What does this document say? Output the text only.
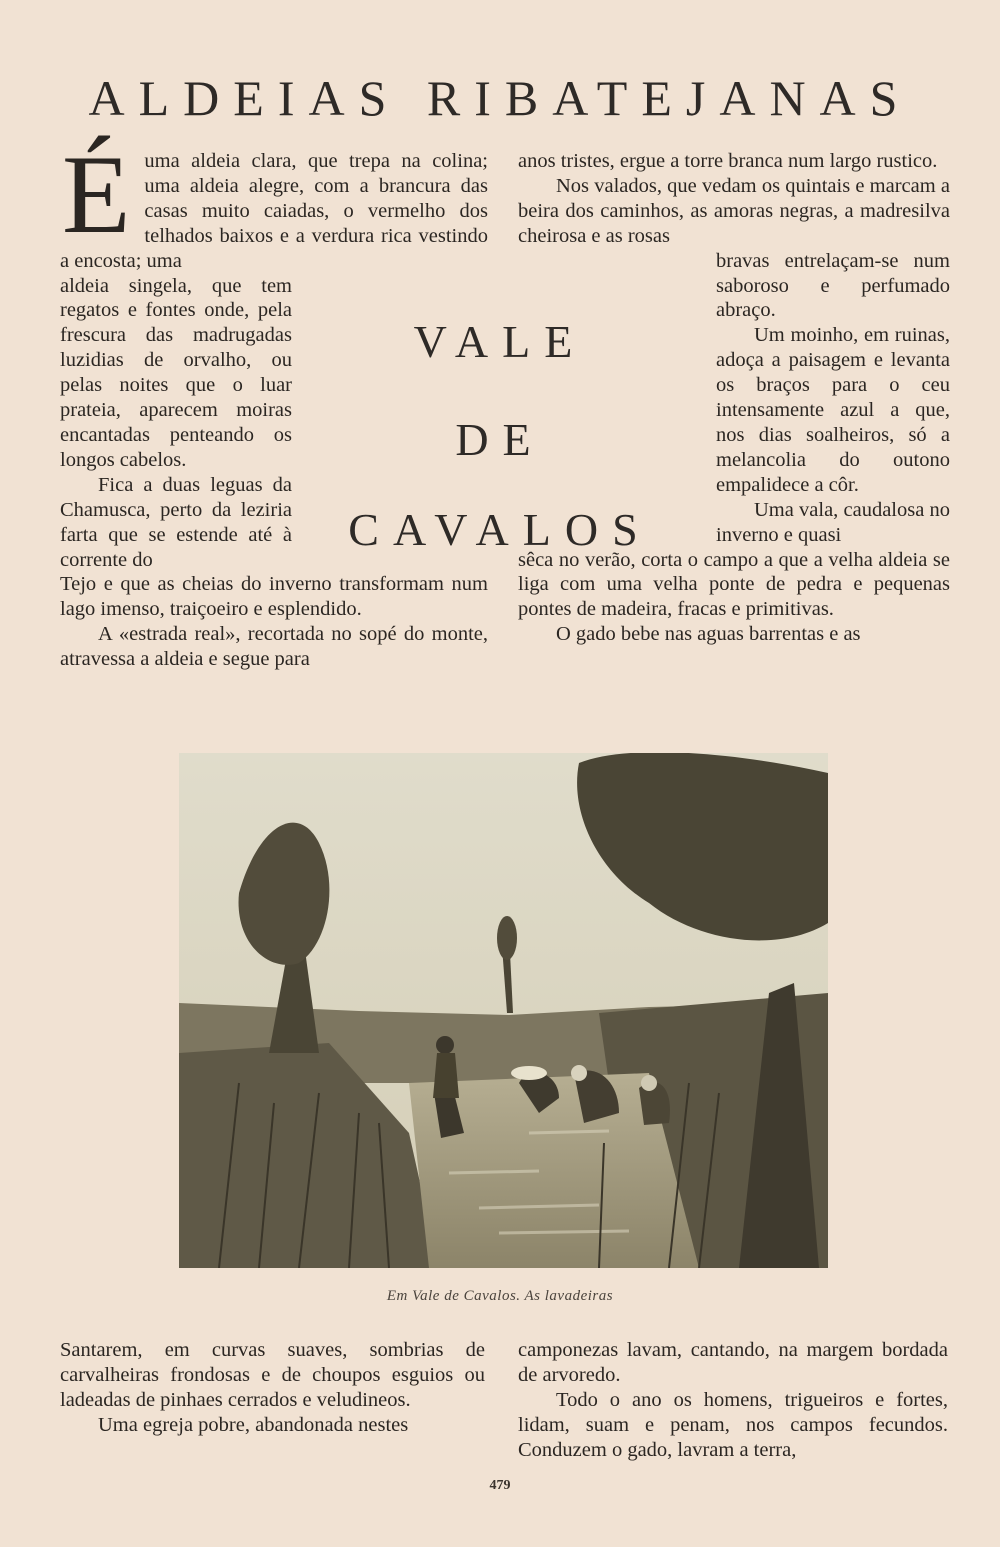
ALDEIAS RIBATEJANAS

Éuma aldeia clara, que trepa na colina; uma aldeia alegre, com a brancura das casas muito caiadas, o vermelho dos telhados baixos e a verdura rica vestindo a encosta; uma

aldeia singela, que tem regatos e fontes onde, pela frescura das madrugadas luzidias de orvalho, ou pelas noites que o luar prateia, aparecem moiras encantadas penteando os longos cabelos.

Fica a duas leguas da Chamusca, perto da leziria farta que se estende até à corrente do

Tejo e que as cheias do inverno transformam num lago imenso, traiçoeiro e esplendido.

A «estrada real», recortada no sopé do monte, atravessa a aldeia e segue para

VALE
DE
CAVALOS

anos tristes, ergue a torre branca num largo rustico.

Nos valados, que vedam os quintais e marcam a beira dos caminhos, as amoras negras, a madresilva cheirosa e as rosas

bravas entrelaçam-se num saboroso e perfumado abraço.

Um moinho, em ruinas, adoça a paisagem e levanta os braços para o ceu intensamente azul a que, nos dias soalheiros, só a melancolia do outono empalidece a côr.

Uma vala, caudalosa no inverno e quasi

sêca no verão, corta o campo a que a velha aldeia se liga com uma velha ponte de pedra e pequenas pontes de madeira, fracas e primitivas.

O gado bebe nas aguas barrentas e as

Em Vale de Cavalos. As lavadeiras

Santarem, em curvas suaves, sombrias de carvalheiras frondosas e de choupos esguios ou ladeadas de pinhaes cerrados e veludineos.

Uma egreja pobre, abandonada nestes

camponezas lavam, cantando, na margem bordada de arvoredo.

Todo o ano os homens, trigueiros e fortes, lidam, suam e penam, nos campos fecundos. Conduzem o gado, lavram a terra,

479
